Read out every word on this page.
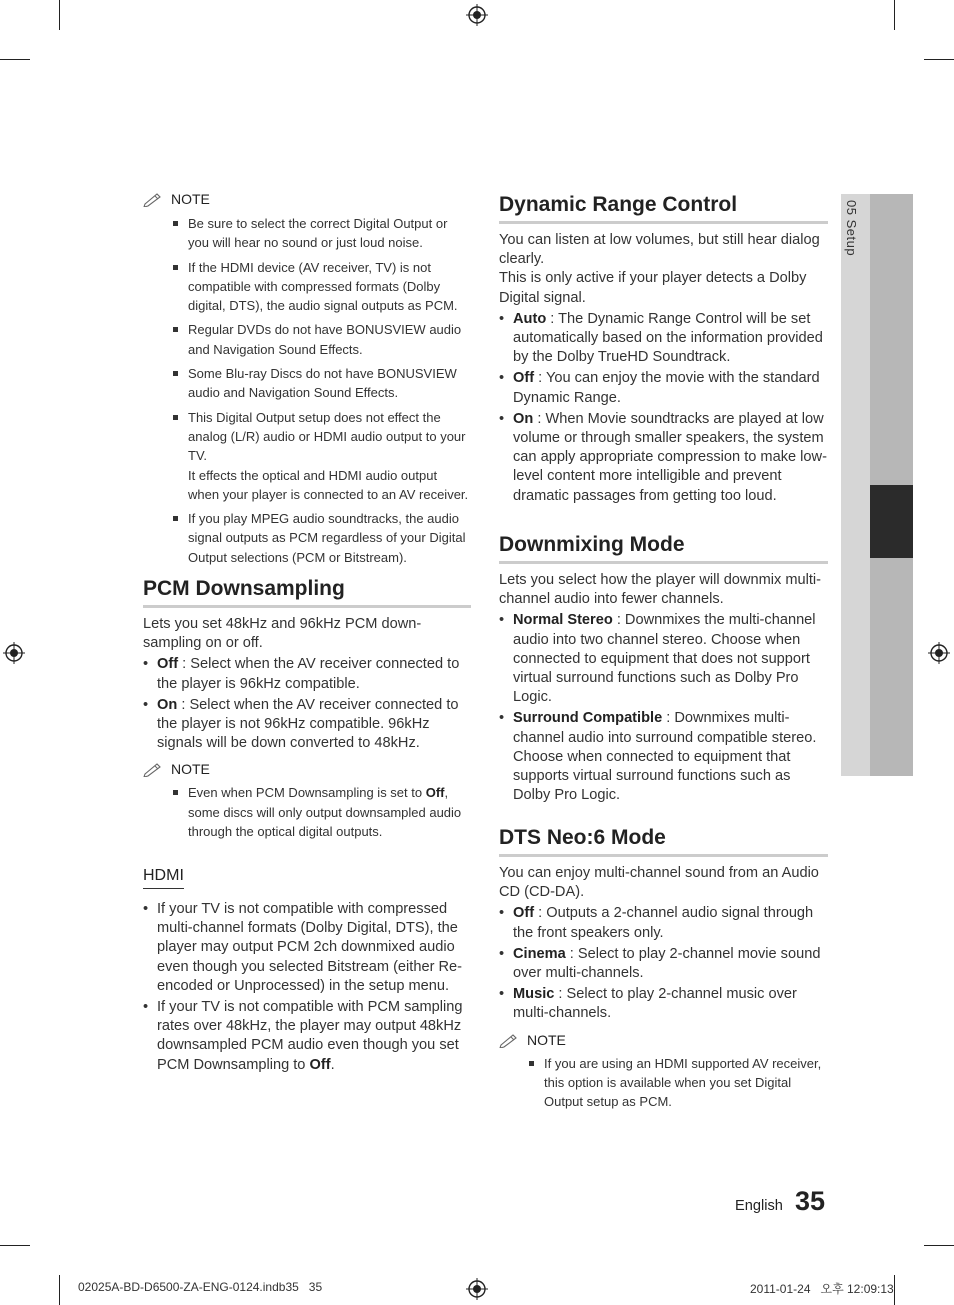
05 Setup
NOTE
Be sure to select the correct Digital Output or you will hear no sound or just loud noise.
If the HDMI device (AV receiver, TV) is not compatible with compressed formats (Dolby digital, DTS), the audio signal outputs as PCM.
Regular DVDs do not have BONUSVIEW audio and Navigation Sound Effects.
Some Blu-ray Discs do not have BONUSVIEW audio and Navigation Sound Effects.
This Digital Output setup does not effect the analog (L/R) audio or HDMI audio output to your TV.
It effects the optical and HDMI audio output when your player is connected to an AV receiver.
If you play MPEG audio soundtracks, the audio signal outputs as PCM regardless of your Digital Output selections (PCM or Bitstream).
PCM Downsampling

Lets you set 48kHz and 96kHz PCM down-sampling on or off.

• Off : Select when the AV receiver connected to the player is 96kHz compatible.
• On : Select when the AV receiver connected to the player is not 96kHz compatible. 96kHz signals will be down converted to 48kHz.
NOTE
Even when PCM Downsampling is set to Off, some discs will only output downsampled audio through the optical digital outputs.
HDMI
• If your TV is not compatible with compressed multi-channel formats (Dolby Digital, DTS), the player may output PCM 2ch downmixed audio even though you selected Bitstream (either Re-encoded or Unprocessed) in the setup menu.
• If your TV is not compatible with PCM sampling rates over 48kHz, the player may output 48kHz downsampled PCM audio even though you set PCM Downsampling to Off.
Dynamic Range Control

You can listen at low volumes, but still hear dialog clearly.

This is only active if your player detects a Dolby Digital signal.

• Auto : The Dynamic Range Control will be set automatically based on the information provided by the Dolby TrueHD Soundtrack.
• Off : You can enjoy the movie with the standard Dynamic Range.
• On : When Movie soundtracks are played at low volume or through smaller speakers, the system can apply appropriate compression to make low-level content more intelligible and prevent dramatic passages from getting too loud.
Downmixing Mode

Lets you select how the player will downmix multi-channel audio into fewer channels.

• Normal Stereo : Downmixes the multi-channel audio into two channel stereo. Choose when connected to equipment that does not support virtual surround functions such as Dolby Pro Logic.
• Surround Compatible : Downmixes multi-channel audio into surround compatible stereo. Choose when connected to equipment that supports virtual surround functions such as Dolby Pro Logic.
DTS Neo:6 Mode

You can enjoy multi-channel sound from an Audio CD (CD-DA).

• Off : Outputs a 2-channel audio signal through the front speakers only.
• Cinema : Select to play 2-channel movie sound over multi-channels.
• Music : Select to play 2-channel music over multi-channels.
NOTE
If you are using an HDMI supported AV receiver, this option is available when you set Digital Output setup as PCM.
English 35
02025A-BD-D6500-ZA-ENG-0124.indb35   35	2011-01-24   오후 12:09:13
